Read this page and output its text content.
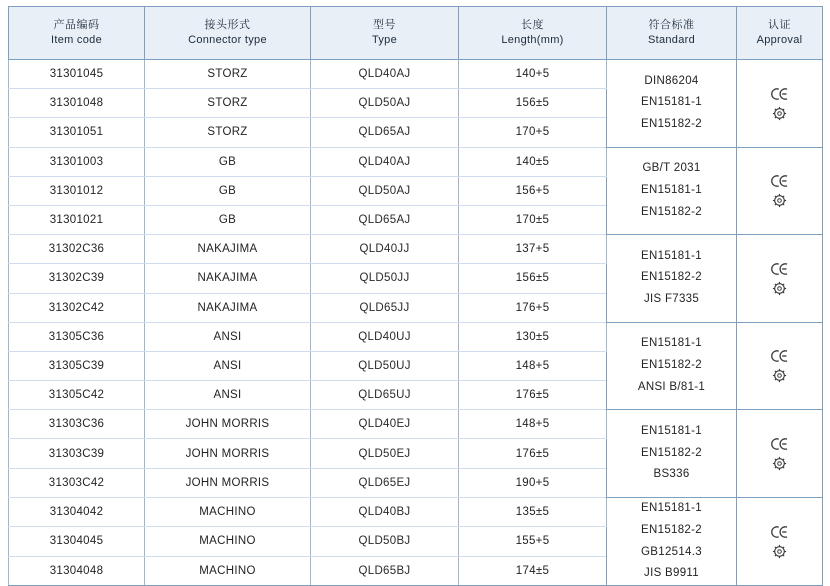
产品编码
Item code	接头形式
Connector type	型号
Type	长度
Length(mm)	符合标准
Standard	认证
Approval

31301045	STORZ	QLD40AJ	140+5	DIN86204
EN15181-1
EN15182-2

31301048	STORZ	QLD50AJ	156±5		
31301051	STORZ	QLD65AJ	170+5		
31301003	GB	QLD40AJ	140±5	GB/T 2031
EN15181-1
EN15182-2

31301012	GB	QLD50AJ	156+5		
31301021	GB	QLD65AJ	170±5		
31302C36	NAKAJIMA	QLD40JJ	137+5	EN15181-1
EN15182-2
JIS F7335

31302C39	NAKAJIMA	QLD50JJ	156±5		
31302C42	NAKAJIMA	QLD65JJ	176+5		
31305C36	ANSI	QLD40UJ	130±5	EN15181-1
EN15182-2
ANSI B/81-1

31305C39	ANSI	QLD50UJ	148+5		
31305C42	ANSI	QLD65UJ	176±5		
31303C36	JOHN MORRIS	QLD40EJ	148+5	EN15181-1
EN15182-2
BS336

31303C39	JOHN MORRIS	QLD50EJ	176±5		
31303C42	JOHN MORRIS	QLD65EJ	190+5		
31304042	MACHINO	QLD40BJ	135±5	EN15181-1
EN15182-2
GB12514.3
JIS B9911

31304045	MACHINO	QLD50BJ	155+5		
31304048	MACHINO	QLD65BJ	174±5		
